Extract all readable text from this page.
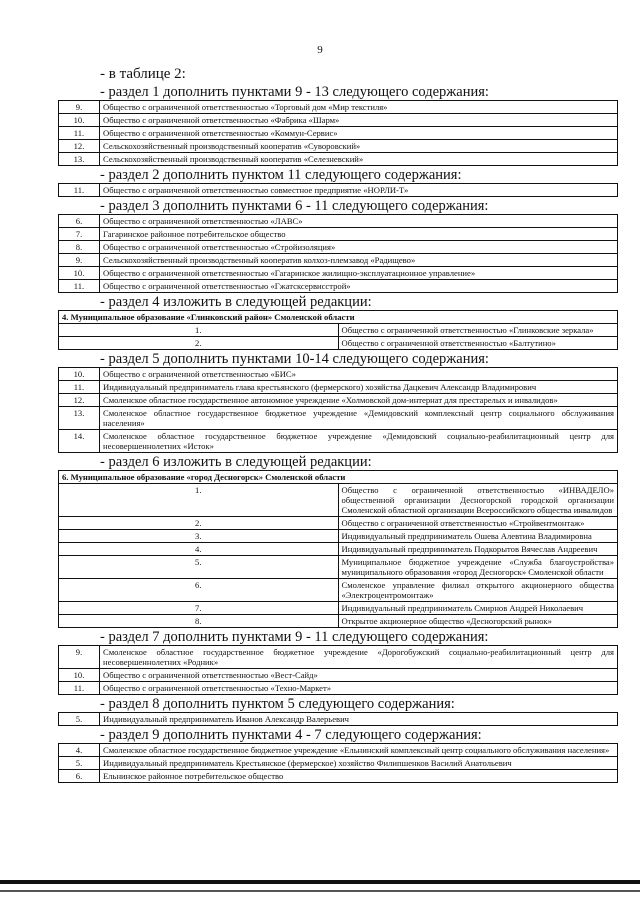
9
- в таблице 2:
- раздел 1 дополнить пунктами 9 - 13 следующего содержания:
9.	Общество с ограниченной ответственностью «Торговый дом «Мир текстиля»
10.	Общество с ограниченной ответственностью «Фабрика «Шарм»
11.	Общество с ограниченной ответственностью «Коммун-Сервис»
12.	Сельскохозяйственный производственный кооператив «Суворовский»
13.	Сельскохозяйственный производственный кооператив «Селезневский»
- раздел 2 дополнить пунктом 11 следующего содержания:
11.	Общество с ограниченной ответственностью совместное предприятие «НОРЛИ-Т»
- раздел 3 дополнить пунктами 6 - 11 следующего содержания:
6.	Общество с ограниченной ответственностью «ЛАВС»
7.	Гагаринское районное потребительское общество
8.	Общество с ограниченной ответственностью «Стройизоляция»
9.	Сельскохозяйственный производственный кооператив колхоз-племзавод «Радищево»
10.	Общество с ограниченной ответственностью «Гагаринское жилищно-эксплуатационное управление»
11.	Общество с ограниченной ответственностью «Гжатсксервисстрой»
- раздел 4 изложить в следующей редакции:
4. Муниципальное образование «Глинковский район» Смоленской области	
1.	Общество с ограниченной ответственностью «Глинковские зеркала»
2.	Общество с ограниченной ответственностью «Балтутино»
- раздел 5 дополнить пунктами 10-14 следующего содержания:
10.	Общество с ограниченной ответственностью «БИС»
11.	Индивидуальный предприниматель глава крестьянского (фермерского) хозяйства Дацкевич Александр Владимирович
12.	Смоленское областное государственное автономное учреждение «Холмовской дом-интернат для престарелых и инвалидов»
13.	Смоленское областное государственное бюджетное учреждение «Демидовский комплексный центр социального обслуживания населения»
14.	Смоленское областное государственное бюджетное учреждение «Демидовский социально-реабилитационный центр для несовершеннолетних «Исток»
- раздел 6 изложить в следующей редакции:
6. Муниципальное образование «город Десногорск» Смоленской области	
1.	Общество с ограниченной ответственностью «ИНВАДЕЛО» общественной организации Десногорской городской организации Смоленской областной организации Всероссийского общества инвалидов
2.	Общество с ограниченной ответственностью «Стройвентмонтаж»
3.	Индивидуальный предприниматель Ошева Алевтина Владимировна
4.	Индивидуальный предприниматель Подкорытов Вячеслав Андреевич
5.	Муниципальное бюджетное учреждение «Служба благоустройства» муниципального образования «город Десногорск» Смоленской области
6.	Смоленское управление филиал открытого акционерного общества «Электроцентромонтаж»
7.	Индивидуальный предприниматель Смирнов Андрей Николаевич
8.	Открытое акционерное общество «Десногорский рынок»
- раздел 7 дополнить пунктами 9 - 11 следующего содержания:
9.	Смоленское областное государственное бюджетное учреждение «Дорогобужский социально-реабилитационный центр для несовершеннолетних «Родник»
10.	Общество с ограниченной ответственностью «Вест-Сайд»
11.	Общество с ограниченной ответственностью «Техно-Маркет»
- раздел 8 дополнить пунктом 5 следующего содержания:
5.	Индивидуальный предприниматель Иванов Александр Валерьевич
- раздел 9 дополнить пунктами 4 - 7 следующего содержания:
4.	Смоленское областное государственное бюджетное учреждение «Ельнинский комплексный центр социального обслуживания населения»
5.	Индивидуальный предприниматель Крестьянское (фермерское) хозяйство Филипшенков Василий Анатольевич
6.	Ельнинское районное потребительское общество
